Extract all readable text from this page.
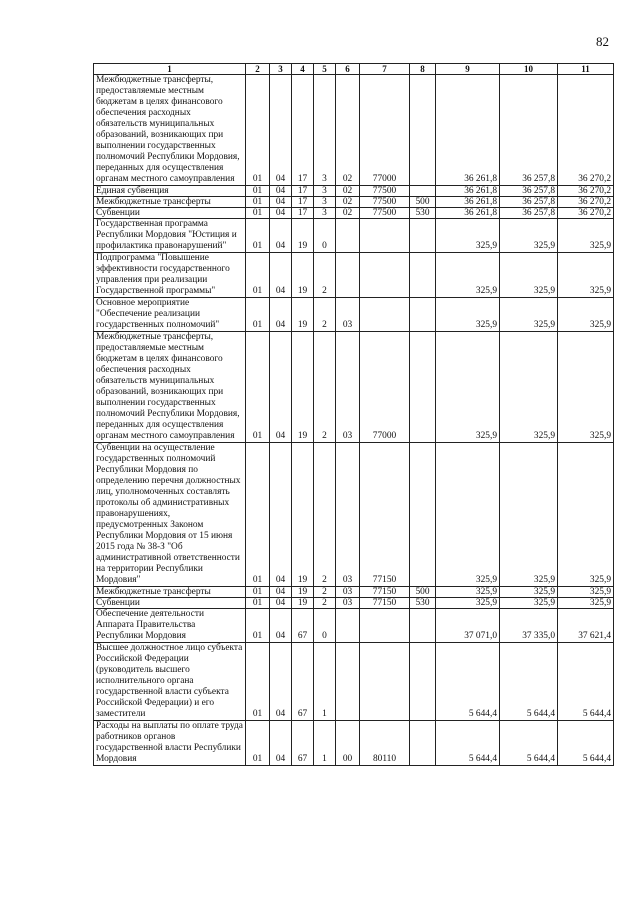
82
1	2	3	4	5	6	7	8	9	10	11
Межбюджетные трансферты, предоставляемые местным бюджетам в целях финансового обеспечения расходных обязательств муниципальных образований, возникающих при выполнении государственных полномочий Республики Мордовия, переданных для осуществления органам местного самоуправления	01	04	17	3	02	77000		36 261,8	36 257,8	36 270,2
Единая субвенция	01	04	17	3	02	77500		36 261,8	36 257,8	36 270,2
Межбюджетные трансферты	01	04	17	3	02	77500	500	36 261,8	36 257,8	36 270,2
Субвенции	01	04	17	3	02	77500	530	36 261,8	36 257,8	36 270,2
Государственная программа Республики Мордовия "Юстиция и профилактика правонарушений"	01	04	19	0				325,9	325,9	325,9
Подпрограмма "Повышение эффективности государственного управления при реализации Государственной программы"	01	04	19	2				325,9	325,9	325,9
Основное мероприятие "Обеспечение реализации государственных полномочий"	01	04	19	2	03			325,9	325,9	325,9
Межбюджетные трансферты, предоставляемые местным бюджетам в целях финансового обеспечения расходных обязательств муниципальных образований, возникающих при выполнении государственных полномочий Республики Мордовия, переданных для осуществления органам местного самоуправления	01	04	19	2	03	77000		325,9	325,9	325,9
Субвенции на осуществление государственных полномочий Республики Мордовия по определению перечня должностных лиц, уполномоченных составлять протоколы об административных правонарушениях, предусмотренных Законом Республики Мордовия от 15 июня 2015 года № 38-З "Об административной ответственности на территории Республики Мордовия"	01	04	19	2	03	77150		325,9	325,9	325,9
Межбюджетные трансферты	01	04	19	2	03	77150	500	325,9	325,9	325,9
Субвенции	01	04	19	2	03	77150	530	325,9	325,9	325,9
Обеспечение деятельности Аппарата Правительства Республики Мордовия	01	04	67	0				37 071,0	37 335,0	37 621,4
Высшее должностное лицо субъекта Российской Федерации (руководитель высшего исполнительного органа государственной власти субъекта Российской Федерации) и его заместители	01	04	67	1				5 644,4	5 644,4	5 644,4
Расходы на выплаты по оплате труда работников органов государственной власти Республики Мордовия	01	04	67	1	00	80110		5 644,4	5 644,4	5 644,4
